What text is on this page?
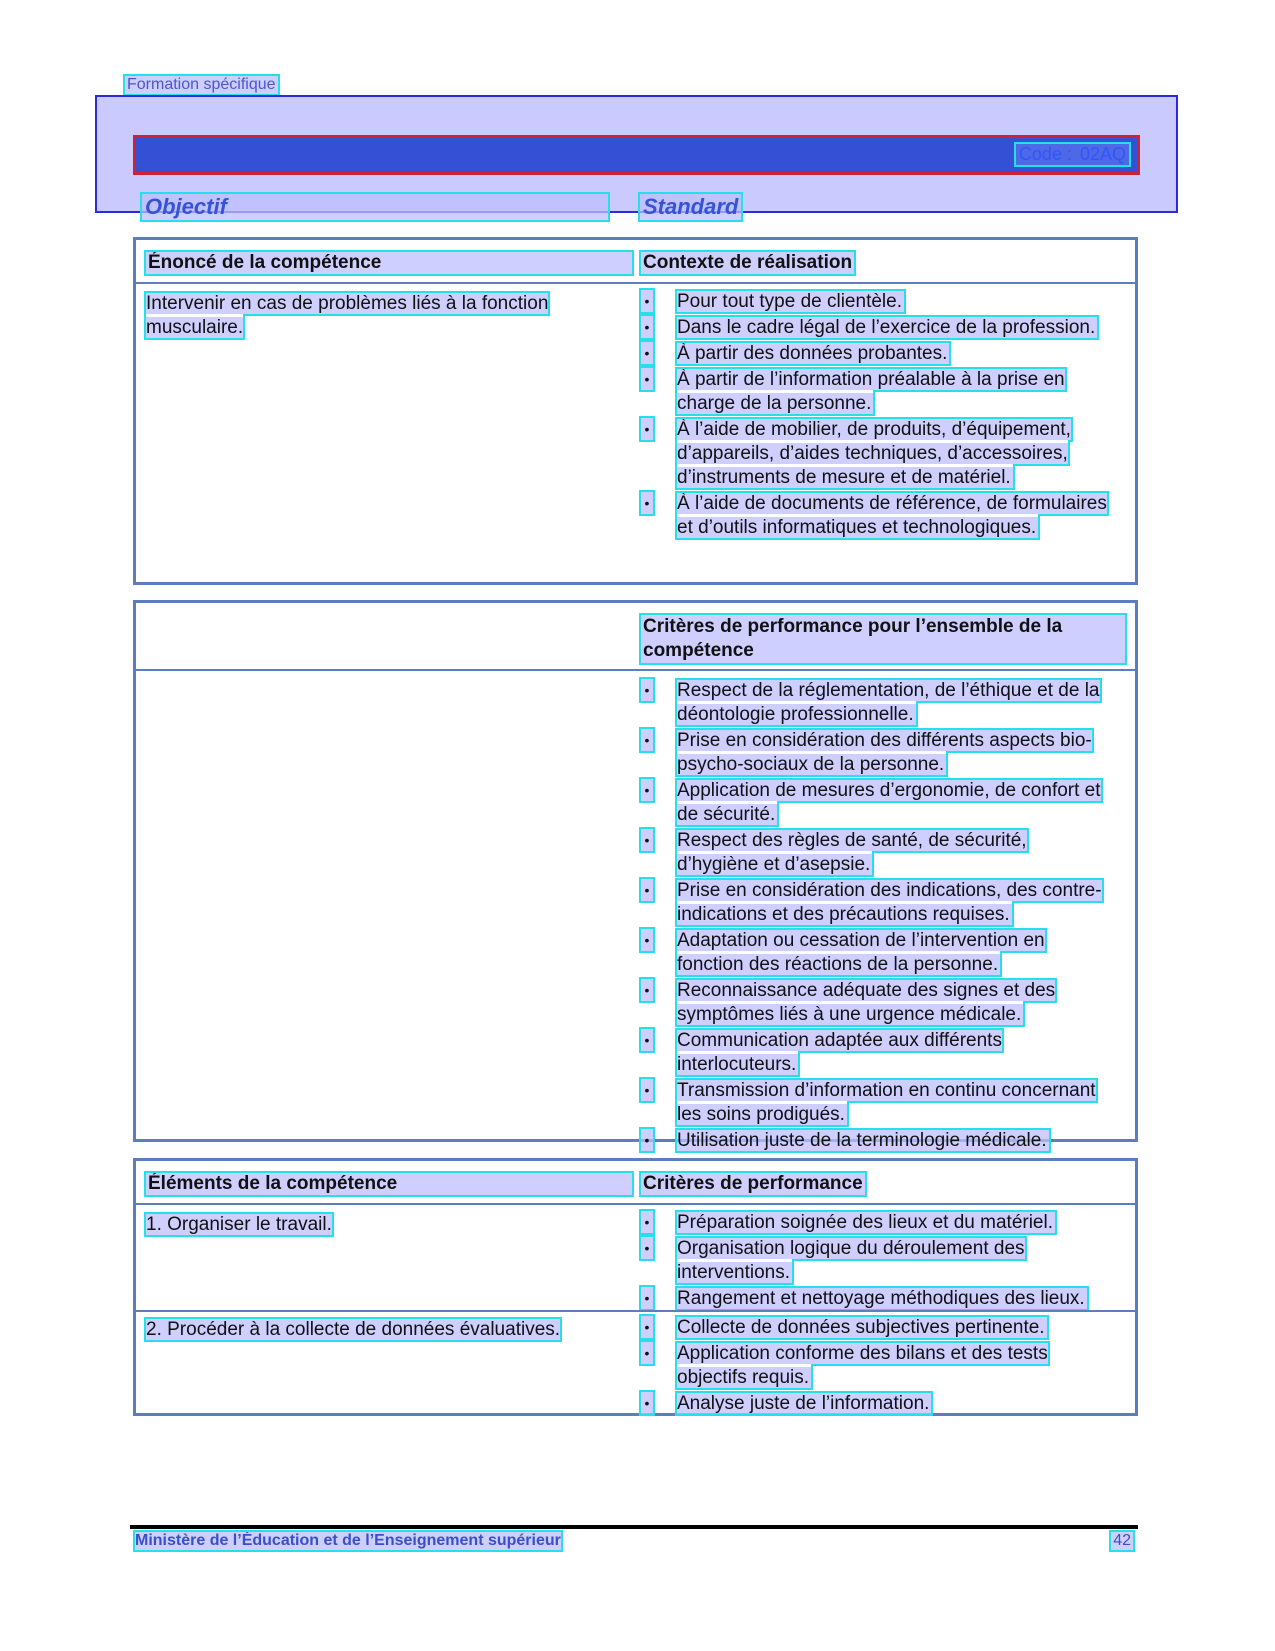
Formation spécifique
Code : 02AQ
Objectif	Standard
Énoncé de la compétence	Contexte de réalisation
Intervenir en cas de problèmes liés à la fonction musculaire.
• Pour tout type de clientèle.
• Dans le cadre légal de l’exercice de la profession.
• À partir des données probantes.
• À partir de l’information préalable à la prise en charge de la personne.
• À l’aide de mobilier, de produits, d’équipement, d’appareils, d’aides techniques, d’accessoires, d’instruments de mesure et de matériel.
• À l’aide de documents de référence, de formulaires et d’outils informatiques et technologiques.
Critères de performance pour l’ensemble de la compétence
• Respect de la réglementation, de l’éthique et de la déontologie professionnelle.
• Prise en considération des différents aspects bio-psycho-sociaux de la personne.
• Application de mesures d’ergonomie, de confort et de sécurité.
• Respect des règles de santé, de sécurité, d’hygiène et d’asepsie.
• Prise en considération des indications, des contre-indications et des précautions requises.
• Adaptation ou cessation de l’intervention en fonction des réactions de la personne.
• Reconnaissance adéquate des signes et des symptômes liés à une urgence médicale.
• Communication adaptée aux différents interlocuteurs.
• Transmission d’information en continu concernant les soins prodigués.
• Utilisation juste de la terminologie médicale.
Éléments de la compétence	Critères de performance
1. Organiser le travail.	• Préparation soignée des lieux et du matériel.
• Organisation logique du déroulement des interventions.
• Rangement et nettoyage méthodiques des lieux.
2. Procéder à la collecte de données évaluatives.	• Collecte de données subjectives pertinente.
• Application conforme des bilans et des tests objectifs requis.
• Analyse juste de l’information.
Ministère de l’Éducation et de l’Enseignement supérieur	42
